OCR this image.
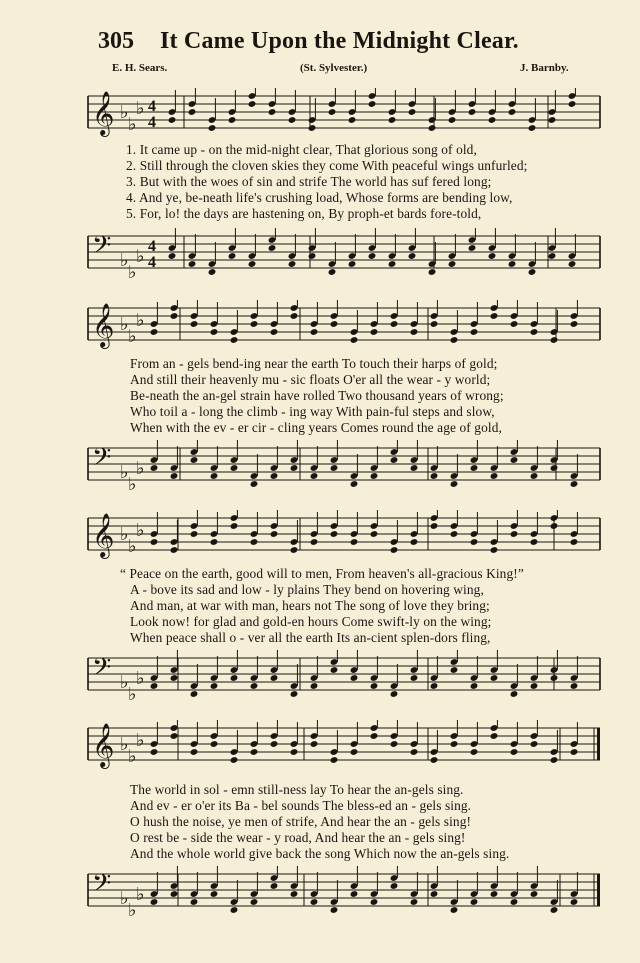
305 It Came Upon the Midnight Clear.
E. H. Sears.	(St. Sylvester.)	J. Barnby.
𝄞 ♭
♭
♭ 4
4
1. It came up - on the mid-night clear, That glorious song of old,
2. Still through the cloven skies they come With peaceful wings unfurled;
3. But with the woes of sin and strife The world has suf fered long;
4. And ye, be-neath life's crushing load, Whose forms are bending low,
5. For, lo! the days are hastening on, By proph-et bards fore-told,
𝄢 ♭
♭
♭ 4
4
𝄞 ♭
♭
♭
From an - gels bend-ing near the earth To touch their harps of gold;
And still their heavenly mu - sic floats O'er all the wear - y world;
Be-neath the an-gel strain have rolled Two thousand years of wrong;
Who toil a - long the climb - ing way With pain-ful steps and slow,
When with the ev - er cir - cling years Comes round the age of gold,
𝄢 ♭
♭
♭
𝄞 ♭
♭
♭
“ Peace on the earth, good will to men, From heaven's all-gracious King!”
A - bove its sad and low - ly plains They bend on hovering wing,
And man, at war with man, hears not The song of love they bring;
Look now! for glad and gold-en hours Come swift-ly on the wing;
When peace shall o - ver all the earth Its an-cient splen-dors fling,
𝄢 ♭
♭
♭
𝄞 ♭
♭
♭
The world in sol - emn still-ness lay To hear the an-gels sing.
And ev - er o'er its Ba - bel sounds The bless-ed an - gels sing.
O hush the noise, ye men of strife, And hear the an - gels sing!
O rest be - side the wear - y road, And hear the an - gels sing!
And the whole world give back the song Which now the an-gels sing.
𝄢 ♭
♭
♭
